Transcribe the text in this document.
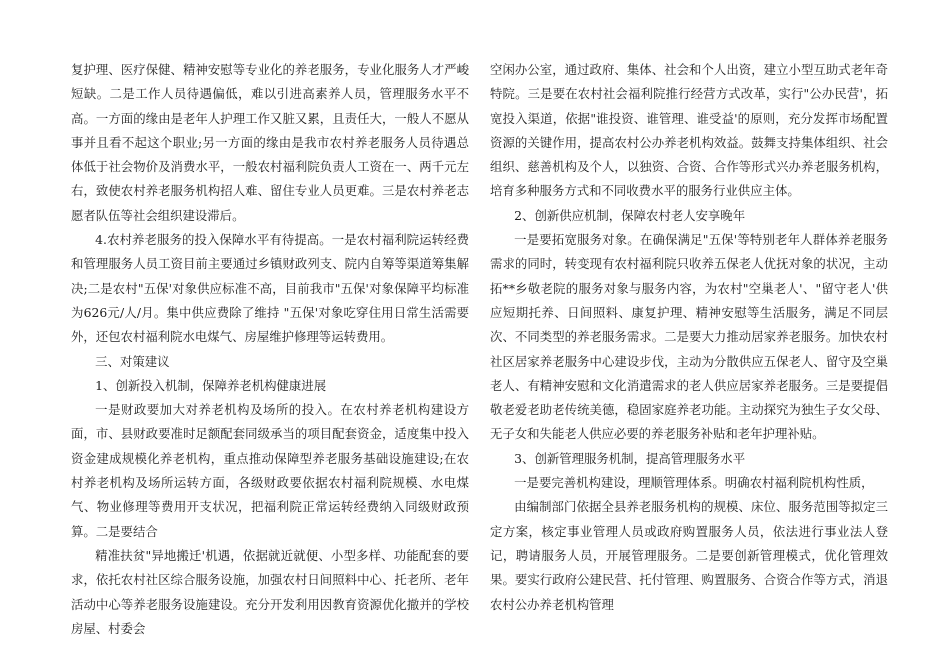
复护理、医疗保健、精神安慰等专业化的养老服务，专业化服务人才严峻短缺。二是工作人员待遇偏低，难以引进高素养人员，管理服务水平不高。一方面的缘由是老年人护理工作又脏又累，且责任大，一般人不愿从事并且看不起这个职业;另一方面的缘由是我市农村养老服务人员待遇总体低于社会物价及消费水平，一般农村福利院负责人工资在一、两千元左右，致使农村养老服务机构招人难、留住专业人员更难。三是农村养老志愿者队伍等社会组织建设滞后。

4.农村养老服务的投入保障水平有待提高。一是农村福利院运转经费和管理服务人员工资目前主要通过乡镇财政列支、院内自筹等渠道筹集解决;二是农村"五保'对象供应标准不高，目前我市"五保'对象保障平均标准为626元/人/月。集中供应费除了维持 "五保'对象吃穿住用日常生活需要外，还包农村福利院水电煤气、房屋维护修理等运转费用。

三、对策建议

1、创新投入机制，保障养老机构健康进展

一是财政要加大对养老机构及场所的投入。在农村养老机构建设方面，市、县财政要准时足额配套同级承当的项目配套资金，适度集中投入资金建成规模化养老机构，重点推动保障型养老服务基础设施建设;在农村养老机构及场所运转方面，各级财政要依据农村福利院规模、水电煤气、物业修理等费用开支状况，把福利院正常运转经费纳入同级财政预算。二是要结合

精准扶贫"异地搬迁'机遇，依据就近就便、小型多样、功能配套的要求，依托农村社区综合服务设施，加强农村日间照料中心、托老所、老年活动中心等养老服务设施建设。充分开发利用因教育资源优化撤并的学校房屋、村委会

空闲办公室，通过政府、集体、社会和个人出资，建立小型互助式老年奇特院。三是要在农村社会福利院推行经营方式改革，实行"公办民营'，拓宽投入渠道，依据"谁投资、谁管理、谁受益'的原则，充分发挥市场配置资源的关键作用，提高农村公办养老机构效益。鼓舞支持集体组织、社会组织、慈善机构及个人，以独资、合资、合作等形式兴办养老服务机构，培育多种服务方式和不同收费水平的服务行业供应主体。

2、创新供应机制，保障农村老人安享晚年

一是要拓宽服务对象。在确保满足"五保'等特别老年人群体养老服务需求的同时，转变现有农村福利院只收养五保老人优抚对象的状况，主动拓**乡敬老院的服务对象与服务内容，为农村"空巢老人'、"留守老人'供应短期托养、日间照料、康复护理、精神安慰等生活服务，满足不同层次、不同类型的养老服务需求。二是要大力推动居家养老服务。加快农村社区居家养老服务中心建设步伐，主动为分散供应五保老人、留守及空巢老人、有精神安慰和文化消遣需求的老人供应居家养老服务。三是要提倡敬老爱老助老传统美德，稳固家庭养老功能。主动探究为独生子女父母、无子女和失能老人供应必要的养老服务补贴和老年护理补贴。

3、创新管理服务机制，提高管理服务水平

一是要完善机构建设，理顺管理体系。明确农村福利院机构性质，

由编制部门依据全县养老服务机构的规模、床位、服务范围等拟定三定方案，核定事业管理人员或政府购置服务人员，依法进行事业法人登记，聘请服务人员，开展管理服务。二是要创新管理模式，优化管理效果。要实行政府公建民营、托付管理、购置服务、合资合作等方式，消退农村公办养老机构管理
